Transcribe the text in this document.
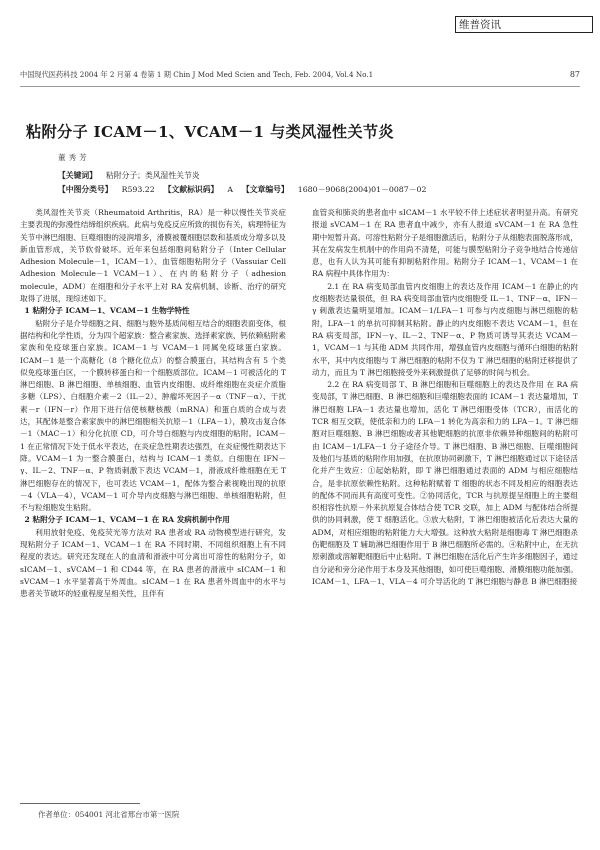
维普资讯
中国现代医药科技 2004 年 2 月第 4 卷第 1 期 Chin J Mod Med Scien and Tech, Feb. 2004, Vol.4 No.1	87
粘附分子 ICAM－1、VCAM－1 与类风湿性关节炎
董秀芳
【关键词】 粘附分子；类风湿性关节炎
【中图分类号】 R593.22 【文献标识码】 A 【文章编号】 1680－9068(2004)01－0087－02

类风湿性关节炎（Rheumatoid Arthritis，RA）是一种以慢性关节炎症主要表现的弥漫性结缔组织疾病。此病与免疫反应所致的损伤有关，病理特征为关节中淋巴细胞、巨噬细胞的浸润增多，滑膜被覆细胞层数和基质成分增多以及新血管形成，关节软骨破坏。近年来包括细胞间粘附分子（Inter Cellular Adhesion Molecule－1，ICAM－1）、血管细胞粘附分子（Vassuiar Cell Adhesion Molecule－1 VCAM－1）、在内的粘附分子（adhesion molecule，ADM）在细胞和分子水平上对 RA 发病机制、诊断、治疗的研究取得了进展，现综述如下。

1 粘附分子 ICAM－1、VCAM－1 生物学特性

粘附分子是介导细胞之间、细胞与胞外基质间相互结合的细胞表面变体，根据结构和化学性质，分为四个超家族：整合素家族、选择素家族、钙依赖粘附素家族和免疫球蛋白家族。ICAM－1 与 VCAM－1 同属免疫球蛋白家族。ICAM－1 是一个高糖化（8 个糖化位点）的整合膜蛋白，其结构含有 5 个类似免疫球蛋白区，一个膜转移蛋白和一个细胞质部位。ICAM－1 可被活化的 T 淋巴细胞、B 淋巴细胞、单核细胞、血管内皮细胞、成纤维细胞在炎症介质脂多糖（LPS）、白细胞介素－2（IL－2）、肿瘤坏死因子－α（TNF－α）、干扰素－r（IFN－r）作用下进行信使核糖核酸（mRNA）和蛋白质的合成与表达，其配体是整合素家族中的淋巴细胞相关抗原－1（LFA－1），膜攻击复合体－1（MAC－1）和分化抗原 CD，可介导白细胞与内皮细胞的粘附。ICAM－1 在正常情况下处于低水平表达，在炎症急性期表达强烈，在炎症慢性期表达下降。VCAM－1 为一整合膜蛋白，结构与 ICAM－1 类似。白细胞在 IFN－γ、IL－2、TNF－α、P 物质刺激下表达 VCAM－1，滑液成纤维细胞在无 T 淋巴细胞存在的情况下，也可表达 VCAM－1，配体为整合素视晚出现的抗原－4（VLA－4），VCAM－1 可介导内皮细胞与淋巴细胞、单核细胞粘附，但不与粒细胞发生粘附。

2 粘附分子 ICAM－1、VCAM－1 在 RA 发病机制中作用

利用放射免疫、免疫荧光等方法对 RA 患者或 RA 动物模型进行研究，发现粘附分子 ICAM－1、VCAM－1 在 RA 不同时期、不同组织细胞上有不同程度的表达。研究还发现在人的血清和滑液中可分离出可溶性的粘附分子，如 sICAM－1、sVCAM－1 和 CD44 等，在 RA 患者的滑液中 sICAM－1 和 sVCAM－1 水平显著高于外周血。sICAM－1 在 RA 患者外周血中的水平与患者关节破坏的轻重程度呈相关性，且伴有

血管炎和肺炎的患者血中 sICAM－1 水平较不伴上述症状者明显升高。有研究报道 sVCAM－1 在 RA 患者血中减少，亦有人报道 sVCAM－1 在 RA 急性期中短暂升高。可溶性粘附分子是细胞激活后，粘附分子从细胞表面脱落形成，其在发病发生机制中的作用尚不清楚，可能与膜型粘附分子竞争地结合传递信息，也有人认为其可能有抑制粘附作用。粘附分子 ICAM－1、VCAM－1 在 RA 病程中具体作用为：

2.1 在 RA 病变局部血管内皮细胞上的表达及作用 ICAM－1 在静止的内皮细胞表达量很低，但 RA 病变局部血管内皮细胞受 IL－1、TNF－α、IFN－γ 刺激表达量明显增加。ICAM－1/LFA－1 可参与内皮细胞与淋巴细胞的粘附，LFA－1 的单抗可抑制其粘附。静止的内皮细胞不表达 VCAM－1，但在 RA 病变局部，IFN－γ、IL－2、TNF－α、P 物质可诱导其表达 VCAM－1，VCAM－1 与其他 ADM 共同作用，增强血管内皮细胞与循环白细胞的粘附水平，其中内皮细胞与 T 淋巴细胞的粘附不仅为 T 淋巴细胞的粘附迁移提供了动力，而且为 T 淋巴细胞接受外来刺激提供了足够的时间与机会。

2.2 在 RA 病变局部 T、B 淋巴细胞和巨噬细胞上的表达及作用 在 RA 病变局部，T 淋巴细胞、B 淋巴细胞和巨噬细胞表面的 ICAM－1 表达量增加，T 淋巴细胞 LFA－1 表达量也增加，活化 T 淋巴细胞受体（TCR），而活化的 TCR 相互交联，使低亲和力的 LFA－1 转化为高亲和力的 LFA－1。T 淋巴细胞对巨噬细胞、B 淋巴细胞或者其他靶细胞的抗原非依赖异种细胞间的粘附可由 ICAM－1/LFA－1 分子途径介导。T 淋巴细胞、B 淋巴细胞、巨噬细胞间及他们与基质的粘附作用加强，在抗原协同刺激下，T 淋巴细胞通过以下途径活化并产生效应：①起始粘附，即 T 淋巴细胞通过表面的 ADM 与相应细胞结合，是非抗原依赖性粘附。这种粘附赋着 T 细胞的状态不同及相应的细胞表达的配体不同而具有高度可变性。②协同活化，TCR 与抗原提呈细胞上的主要组织相容性抗原－外来抗原复合体结合使 TCR 交联，加上 ADM 与配体结合所提供的协同刺激，使 T 细胞活化。③放大粘附，T 淋巴细胞被活化后表达大量的 ADM，对相应细胞的粘附能力大大增强。这种放大粘附是细胞毒 T 淋巴细胞杀伤靶细胞及 T 辅助淋巴细胞作用于 B 淋巴细胞所必需的。④粘附中止，在无抗原刺激或溶解靶细胞后中止粘附。T 淋巴细胞在活化后产生许多细胞因子，通过自分泌和旁分泌作用于本身及其他细胞，如可使巨噬细胞、滑膜细胞功能加强。ICAM－1、LFA－1、VLA－4 可介导活化的 T 淋巴细胞与静息 B 淋巴细胞接

作者单位：054001 河北省邢台市第一医院
